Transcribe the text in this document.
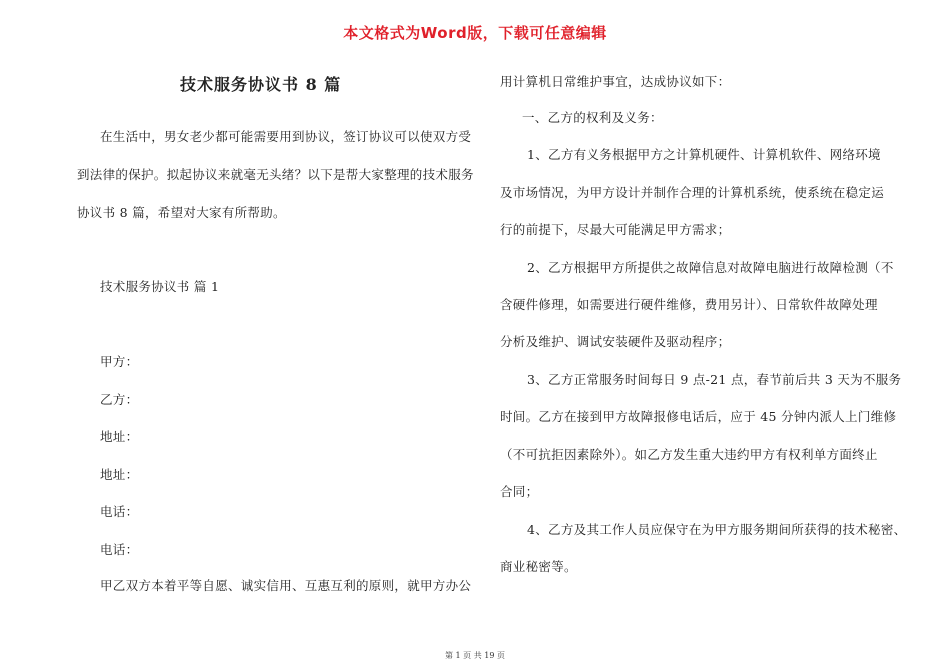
本文格式为Word版，下载可任意编辑
技术服务协议书 8 篇
在生活中，男女老少都可能需要用到协议，签订协议可以使双方受
到法律的保护。拟起协议来就毫无头绪？以下是帮大家整理的技术服务
协议书 8 篇，希望对大家有所帮助。
技术服务协议书 篇 1
甲方：
乙方：
地址：
地址：
电话：
电话：
甲乙双方本着平等自愿、诚实信用、互惠互利的原则，就甲方办公
用计算机日常维护事宜，达成协议如下：
一、乙方的权利及义务：
1、乙方有义务根据甲方之计算机硬件、计算机软件、网络环境
及市场情况，为甲方设计并制作合理的计算机系统，使系统在稳定运
行的前提下，尽最大可能满足甲方需求；
2、乙方根据甲方所提供之故障信息对故障电脑进行故障检测（不
含硬件修理，如需要进行硬件维修，费用另计）、日常软件故障处理
分析及维护、调试安装硬件及驱动程序；
3、乙方正常服务时间每日 9 点-21 点，春节前后共 3 天为不服务
时间。乙方在接到甲方故障报修电话后，应于 45 分钟内派人上门维修
（不可抗拒因素除外）。如乙方发生重大违约甲方有权利单方面终止
合同；
4、乙方及其工作人员应保守在为甲方服务期间所获得的技术秘密、
商业秘密等。
第 1 页 共 19 页
